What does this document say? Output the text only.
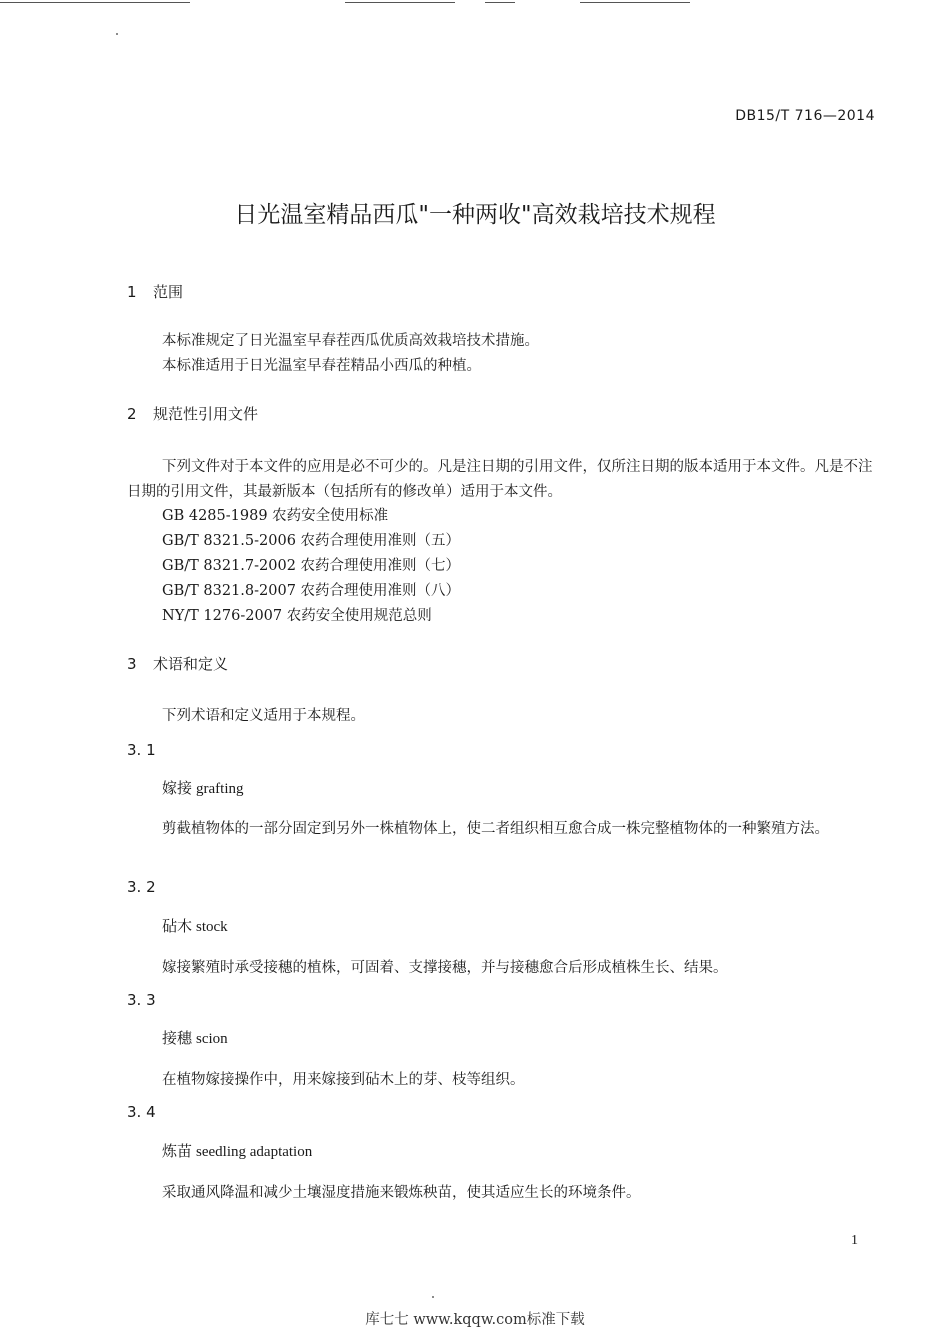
DB15/T 716—2014
日光温室精品西瓜"一种两收"高效栽培技术规程
1 范围
本标准规定了日光温室早春茬西瓜优质高效栽培技术措施。
本标准适用于日光温室早春茬精品小西瓜的种植。
2 规范性引用文件
下列文件对于本文件的应用是必不可少的。凡是注日期的引用文件，仅所注日期的版本适用于本文件。凡是不注日期的引用文件，其最新版本（包括所有的修改单）适用于本文件。
GB 4285-1989 农药安全使用标准
GB/T 8321.5-2006 农药合理使用准则（五）
GB/T 8321.7-2002 农药合理使用准则（七）
GB/T 8321.8-2007 农药合理使用准则（八）
NY/T 1276-2007 农药安全使用规范总则
3 术语和定义
下列术语和定义适用于本规程。
3. 1
嫁接 grafting
剪截植物体的一部分固定到另外一株植物体上，使二者组织相互愈合成一株完整植物体的一种繁殖方法。
3. 2
砧木 stock
嫁接繁殖时承受接穗的植株，可固着、支撑接穗，并与接穗愈合后形成植株生长、结果。
3. 3
接穗 scion
在植物嫁接操作中，用来嫁接到砧木上的芽、枝等组织。
3. 4
炼苗 seedling adaptation
采取通风降温和减少土壤湿度措施来锻炼秧苗，使其适应生长的环境条件。
1
库七七 www.kqqw.com标准下载
